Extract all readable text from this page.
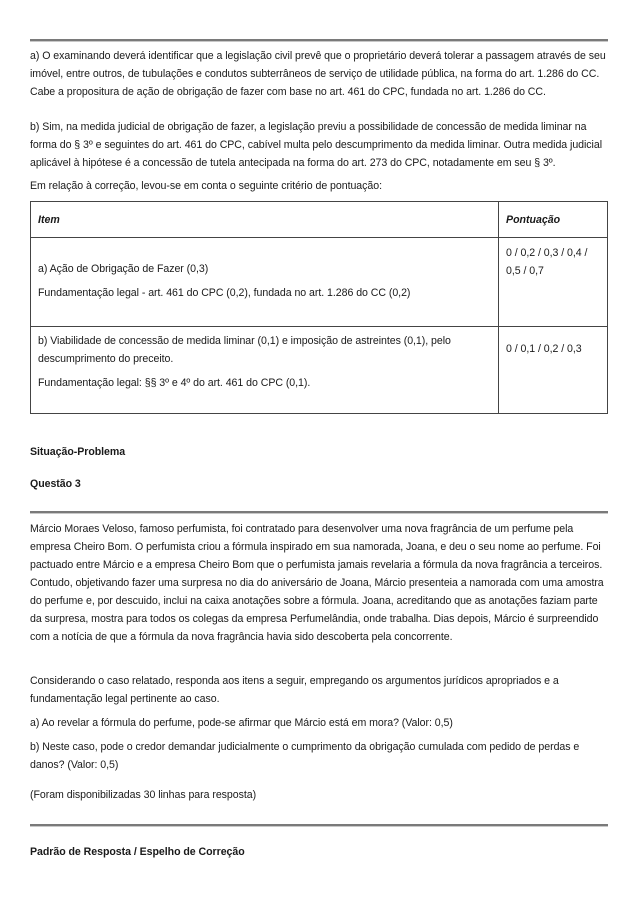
a) O examinando deverá identificar que a legislação civil prevê que o proprietário deverá tolerar a passagem através de seu imóvel, entre outros, de tubulações e condutos subterrâneos de serviço de utilidade pública, na forma do art. 1.286 do CC. Cabe a propositura de ação de obrigação de fazer com base no art. 461 do CPC, fundada no art. 1.286 do CC.

b) Sim, na medida judicial de obrigação de fazer, a legislação previu a possibilidade de concessão de medida liminar na forma do § 3º e seguintes do art. 461 do CPC, cabível multa pelo descumprimento da medida liminar. Outra medida judicial aplicável à hipótese é a concessão de tutela antecipada na forma do art. 273 do CPC, notadamente em seu § 3º.

Em relação à correção, levou-se em conta o seguinte critério de pontuação:

Item	Pontuação

a) Ação de Obrigação de Fazer (0,3)

Fundamentação legal - art. 461 do CPC (0,2), fundada no art. 1.286 do CC (0,2)	0 / 0,2 / 0,3 / 0,4 / 0,5 / 0,7

b) Viabilidade de concessão de medida liminar (0,1) e imposição de astreintes (0,1), pelo descumprimento do preceito.

Fundamentação legal: §§ 3º e 4º do art. 461 do CPC (0,1).	0 / 0,1 / 0,2 / 0,3

Situação-Problema

Questão 3

Márcio Moraes Veloso, famoso perfumista, foi contratado para desenvolver uma nova fragrância de um perfume pela empresa Cheiro Bom. O perfumista criou a fórmula inspirado em sua namorada, Joana, e deu o seu nome ao perfume. Foi pactuado entre Márcio e a empresa Cheiro Bom que o perfumista jamais revelaria a fórmula da nova fragrância a terceiros. Contudo, objetivando fazer uma surpresa no dia do aniversário de Joana, Márcio presenteia a namorada com uma amostra do perfume e, por descuido, inclui na caixa anotações sobre a fórmula. Joana, acreditando que as anotações faziam parte da surpresa, mostra para todos os colegas da empresa Perfumelândia, onde trabalha. Dias depois, Márcio é surpreendido com a notícia de que a fórmula da nova fragrância havia sido descoberta pela concorrente.

Considerando o caso relatado, responda aos itens a seguir, empregando os argumentos jurídicos apropriados e a fundamentação legal pertinente ao caso.

a) Ao revelar a fórmula do perfume, pode-se afirmar que Márcio está em mora? (Valor: 0,5)

b) Neste caso, pode o credor demandar judicialmente o cumprimento da obrigação cumulada com pedido de perdas e danos? (Valor: 0,5)

(Foram disponibilizadas 30 linhas para resposta)

Padrão de Resposta / Espelho de Correção
